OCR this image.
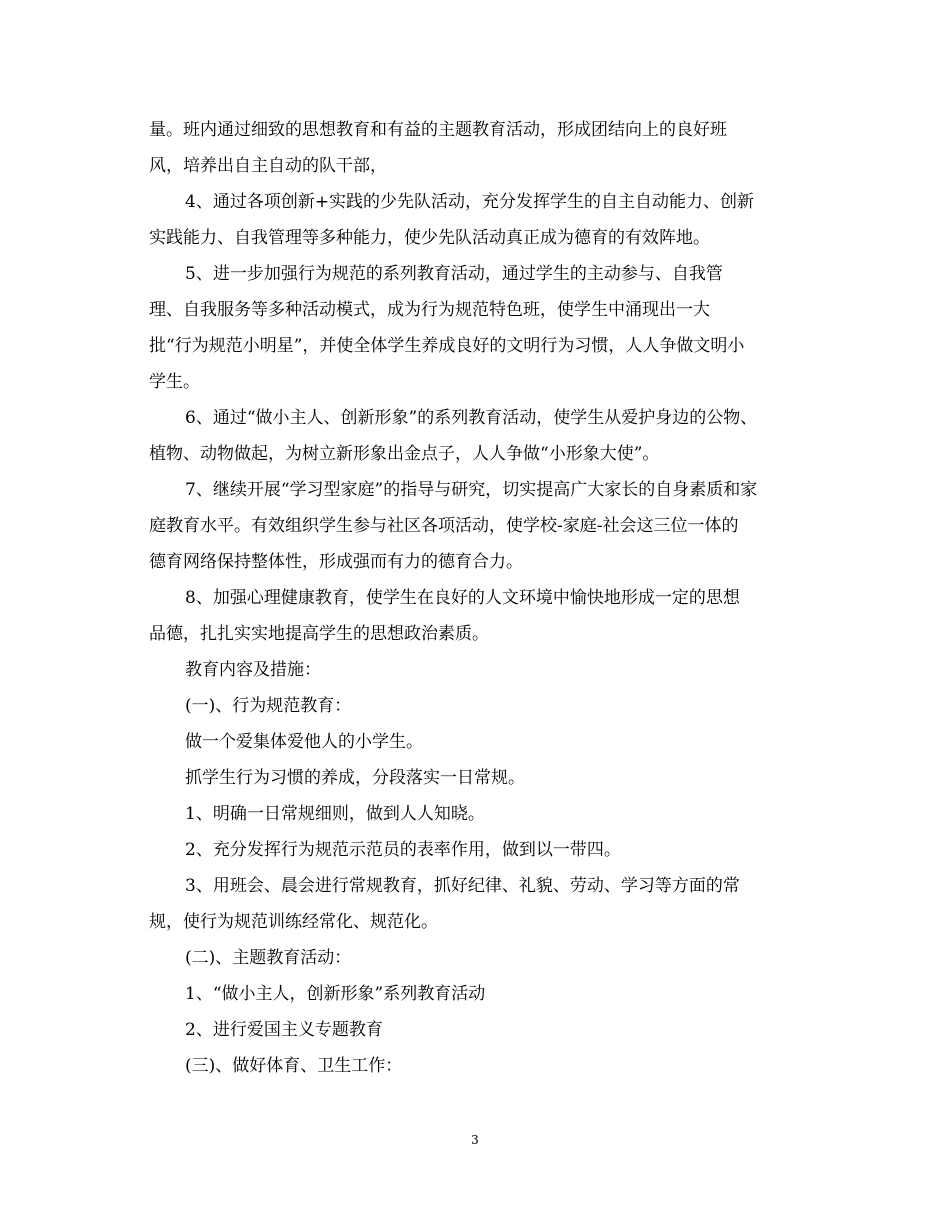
量。班内通过细致的思想教育和有益的主题教育活动，形成团结向上的良好班
风，培养出自主自动的队干部，
4、通过各项创新+实践的少先队活动，充分发挥学生的自主自动能力、创新
实践能力、自我管理等多种能力，使少先队活动真正成为德育的有效阵地。
5、进一步加强行为规范的系列教育活动，通过学生的主动参与、自我管
理、自我服务等多种活动模式，成为行为规范特色班，使学生中涌现出一大
批“行为规范小明星”，并使全体学生养成良好的文明行为习惯，人人争做文明小
学生。
6、通过“做小主人、创新形象”的系列教育活动，使学生从爱护身边的公物、
植物、动物做起，为树立新形象出金点子，人人争做“小形象大使”。
7、继续开展“学习型家庭”的指导与研究，切实提高广大家长的自身素质和家
庭教育水平。有效组织学生参与社区各项活动，使学校-家庭-社会这三位一体的
德育网络保持整体性，形成强而有力的德育合力。
8、加强心理健康教育，使学生在良好的人文环境中愉快地形成一定的思想
品德，扎扎实实地提高学生的思想政治素质。
教育内容及措施：
(一)、行为规范教育：
做一个爱集体爱他人的小学生。
抓学生行为习惯的养成，分段落实一日常规。
1、明确一日常规细则，做到人人知晓。
2、充分发挥行为规范示范员的表率作用，做到以一带四。
3、用班会、晨会进行常规教育，抓好纪律、礼貌、劳动、学习等方面的常
规，使行为规范训练经常化、规范化。
(二)、主题教育活动：
1、“做小主人，创新形象”系列教育活动
2、进行爱国主义专题教育
(三)、做好体育、卫生工作：
3
